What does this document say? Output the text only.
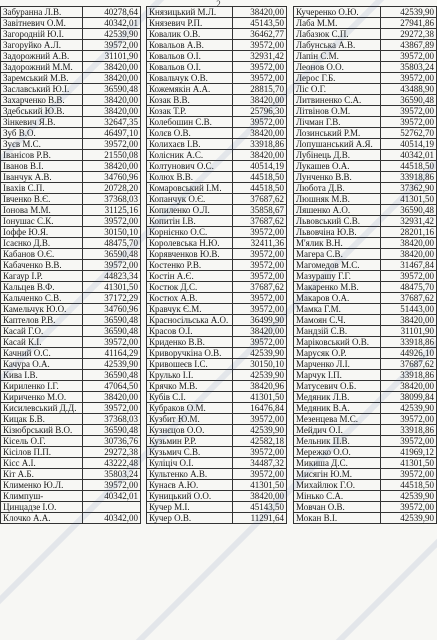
2
Забуранна Л.В.	40278,64
Завітневич О.М.	40342,01
Загородній Ю.І.	42539,90
Загоруйко А.Л.	39572,00
Задорожний А.В.	31101,90
Задорожний М.М.	38420,00
Заремський М.В.	38420,00
Заславський Ю.І.	36590,48
Захарченко В.В.	38420,00
Здебський Ю.В.	38420,00
Зінкевич Я.В.	32647,35
Зуб В.О.	46497,10
Зуєв М.С.	39572,00
Іванісов Р.В.	21550,08
Іванов В.І.	38420,00
Іванчук А.В.	34760,96
Івахів С.П.	20728,20
Івченко В.Є.	37368,03
Іонова М.М.	31125,16
Іонушас С.К.	39572,00
Іоффе Ю.Я.	30150,10
Ісаєнко Д.В.	48475,70
Кабанов О.Є.	36590,48
Кабаченко В.В.	39572,00
Кагаур І.Р.	44823,34
Кальцев В.Ф.	41301,50
Кальченко С.В.	37172,29
Камельчук Ю.О.	34760,96
Каптелов Р.В.	36590,48
Касай Г.О.	36590,48
Касай К.І.	39572,00
Качний О.С.	41164,29
Качура О.А.	42539,90
Кива І.В.	36590,48
Кириленко І.Г.	47064,50
Кириченко М.О.	38420,00
Кисилевський Д.Д.	39572,00
Кицак Б.В.	37368,03
Кізюбрський В.О.	36590,48
Кісель О.Г.	30736,76
Кісілов П.П.	29272,38
Кісс А.І.	43222,48
Кіт А.Б.	35803,24
Клименко Ю.Л.	39572,00
Климпуш-	40342,01
Цинцадзе І.О.	
Клочко А.А.	40342,00
Князицький М.Л.	38420,00
Князевич Р.П.	45143,50
Ковалик О.В.	36462,77
Ковальов А.В.	39572,00
Ковальов О.І.	32931,42
Ковальов О.І.	39572,00
Ковальчук О.В.	39572,00
Кожемякін А.А.	28815,70
Козак В.В.	38420,00
Козак Т.Р.	25796,30
Колебошин С.В.	39572,00
Колєв О.В.	38420,00
Колихаєв І.В.	33918,86
Колісник А.С.	38420,00
Колтунович О.С.	40514,19
Колюх В.В.	44518,50
Комаровський І.М.	44518,50
Копанчук О.Є.	37687,62
Копиленко О.Л.	35858,67
Копитін І.В.	37687,62
Корнієнко О.С.	39572,00
Королевська Н.Ю.	32411,36
Корявченков Ю.В.	39572,00
Костенко Р.В.	39572,00
Костін А.Є.	39572,00
Костюк Д.С.	37687,62
Костюх А.В.	39572,00
Кравчук Є.М.	39572,00
Красносільська А.О.	36499,90
Красов О.І.	38420,00
Криденко В.В.	39572,00
Криворучкіна О.В.	42539,90
Кривошеєв І.С.	30150,10
Крулько І.І.	42539,90
Крячко М.В.	38420,96
Кубів С.І.	41301,50
Кубраков О.М.	16476,84
Кузбит Ю.М.	39572,00
Кузнєцов О.О.	42539,90
Кузьмин Р.Р.	42582,18
Кузьмич С.В.	39572,00
Куліціч О.І.	34487,32
Культенко А.В.	39572,00
Кунаєв А.Ю.	41301,50
Куницький О.О.	38420,00
Кучер М.І.	45143,50
Кучер О.В.	11291,64
Кучеренко О.Ю.	42539,90
Лаба М.М.	27941,86
Лабазюк С.П.	29272,38
Лабунська А.В.	43867,89
Лапін С.М.	39572,00
Леонов О.О.	35803,24
Лерос Г.Б.	39572,00
Ліс О.Г.	43488,90
Литвиненко С.А.	36590,48
Літвінов О.М.	39572,00
Лічман Г.В.	39572,00
Лозинський Р.М.	52762,70
Лопушанський А.Я.	40514,19
Лубінець Д.В.	40342,01
Лукашев О.А.	44518,50
Лунченко В.В.	33918,86
Любота Д.В.	37362,90
Люшняк М.В.	41301,50
Ляшенко А.О.	36590,48
Львовський С.В.	32931,42
Львовчіна Ю.В.	28201,16
М'ялик В.Н.	38420,00
Магера С.В.	38420,00
Магомедов М.С.	31467,84
Мазурашу Г.Г.	39572,00
Макаренко М.В.	48475,70
Макаров О.А.	37687,62
Мамка Г.М.	51443,00
Мамоян С.Ч.	38420,00
Мандзій С.В.	31101,90
Маріковський О.В.	33918,86
Марусяк О.Р.	44926,10
Марченко Л.І.	37687,62
Марчук І.П.	33918,86
Матусевич О.Б.	38420,00
Медяник Л.В.	38099,84
Медяник В.А.	42539,90
Мезенцева М.С.	39572,00
Мейдич О.І.	33918,86
Мельник П.В.	39572,00
Мережко О.О.	41969,12
Микиша Д.С.	41301,50
Мисягін Ю.М.	39572,00
Михайлюк Г.О.	44518,50
Мінько С.А.	42539,90
Мовчан О.В.	39572,00
Мокан В.І.	42539,90
